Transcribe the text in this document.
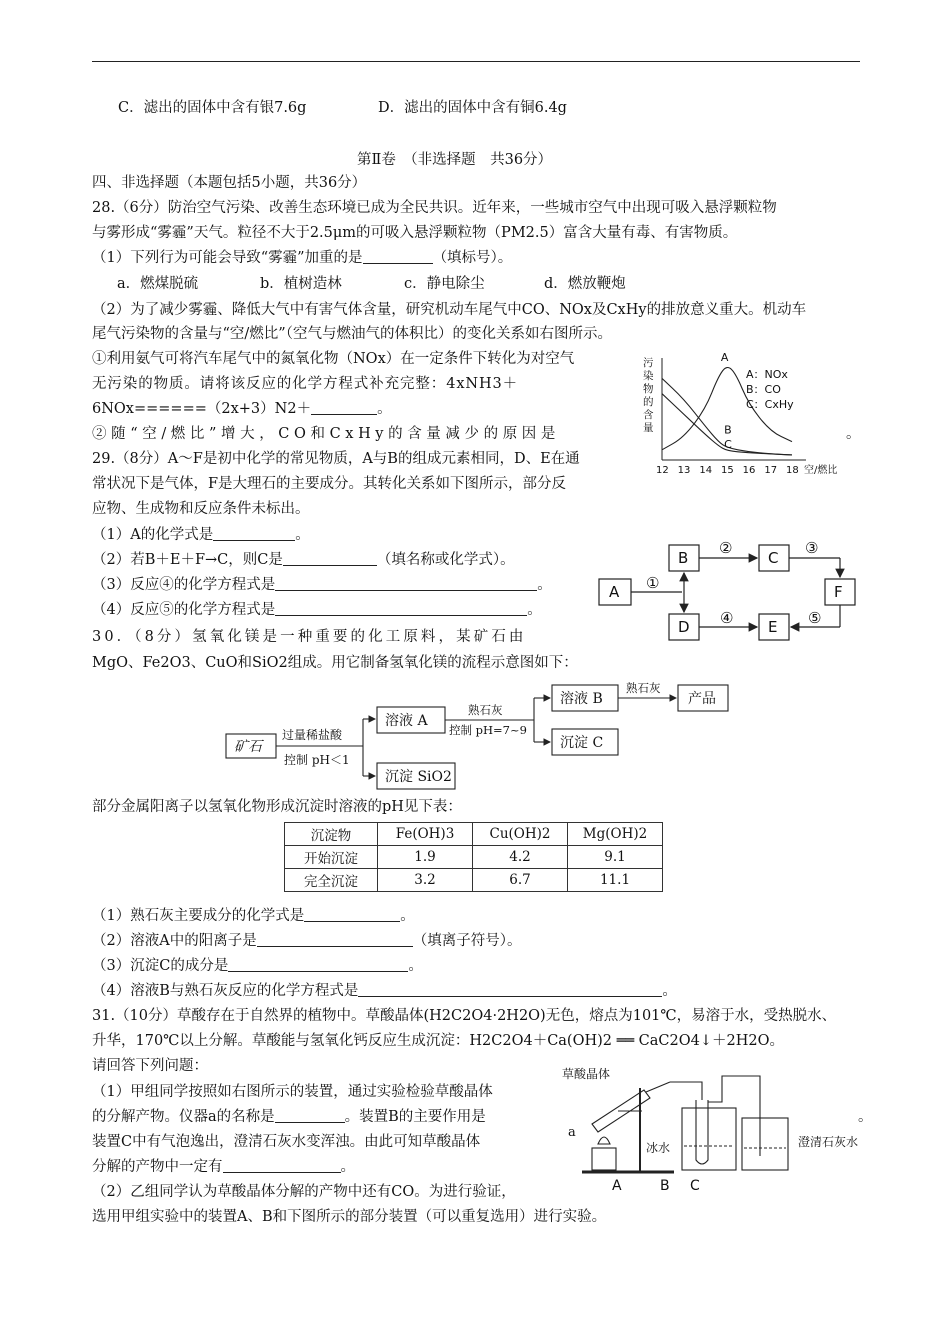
C．滤出的固体中含有银7.6g	D．滤出的固体中含有铜6.4g
第Ⅱ卷　（非选择题　共36分）
四、非选择题（本题包括5小题，共36分）
28.（6分）防治空气污染、改善生态环境已成为全民共识。近年来，一些城市空气中出现可吸入悬浮颗粒物
与雾形成“雾霾”天气。粒径不大于2.5μm的可吸入悬浮颗粒物（PM2.5）富含大量有毒、有害物质。
（1）下列行为可能会导致“雾霾”加重的是	（填标号）。
a．燃煤脱硫	b．植树造林	c．静电除尘	d．燃放鞭炮
（2）为了减少雾霾、降低大气中有害气体含量，研究机动车尾气中CO、NOx及CxHy的排放意义重大。机动车
尾气污染物的含量与“空/燃比”（空气与燃油气的体积比）的变化关系如右图所示。
①利用氨气可将汽车尾气中的氮氧化物（NOx）在一定条件下转化为对空气
无污染的物质。请将该反应的化学方程式补充完整：4xNH3＋
6NOx======（2x+3）N2＋	。
②随“空/燃比”增大，CO和CxHy的含量减少的原因是	。
污
染
物
的
含
量
12 13 14 15 16 17 18 空/燃比
A
B
C
A：NOx
B：CO
C：CxHy
29.（8分）A～F是初中化学的常见物质，A与B的组成元素相同，D、E在通
常状况下是气体，F是大理石的主要成分。其转化关系如下图所示，部分反
应物、生成物和反应条件未标出。
（1）A的化学式是	。
（2）若B＋E＋F→C，则C是	（填名称或化学式）。
（3）反应④的化学方程式是	。
（4）反应⑤的化学方程式是	。
A
B	C
D	E
F
①
②	③
④	⑤
30．（8分）氢氧化镁是一种重要的化工原料，某矿石由
MgO、Fe2O3、CuO和SiO2组成。用它制备氢氧化镁的流程示意图如下：
矿石
过量稀盐酸
控制 pH＜1
溶液 A
沉淀 SiO2
熟石灰
控制 pH=7~9
溶液 B
沉淀 C
熟石灰
产品
部分金属阳离子以氢氧化物形成沉淀时溶液的pH见下表：
沉淀物	Fe(OH)3	Cu(OH)2	Mg(OH)2
开始沉淀	1.9	4.2	9.1
完全沉淀	3.2	6.7	11.1
（1）熟石灰主要成分的化学式是	。
（2）溶液A中的阳离子是	（填离子符号）。
（3）沉淀C的成分是	。
（4）溶液B与熟石灰反应的化学方程式是	。
31.（10分）草酸存在于自然界的植物中。草酸晶体(H2C2O4·2H2O)无色，熔点为101℃，易溶于水，受热脱水、
升华，170℃以上分解。草酸能与氢氧化钙反应生成沉淀：H2C2O4＋Ca(OH)2 ══ CaC2O4↓＋2H2O。
请回答下列问题：
（1）甲组同学按照如右图所示的装置，通过实验检验草酸晶体
的分解产物。仪器a的名称是	。装置B的主要作用是	。
装置C中有气泡逸出，澄清石灰水变浑浊。由此可知草酸晶体
分解的产物中一定有	。
（2）乙组同学认为草酸晶体分解的产物中还有CO。为进行验证，
选用甲组实验中的装置A、B和下图所示的部分装置（可以重复选用）进行实验。
草酸晶体
a
冰水	澄清石灰水
A	B C
